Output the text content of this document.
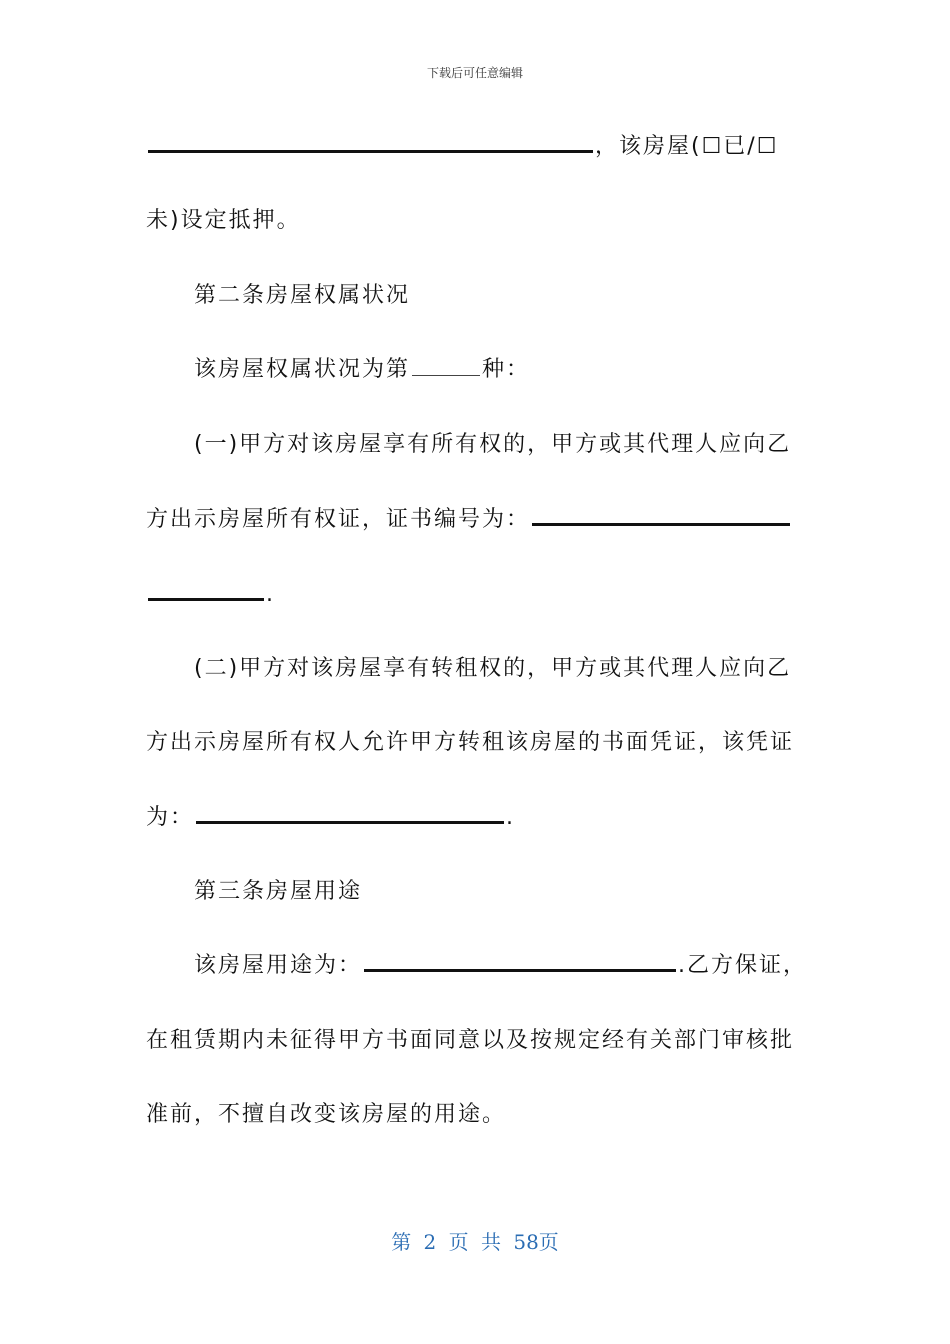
下载后可任意编辑
，该房屋(☐已/☐
未)设定抵押。
第二条房屋权属状况
该房屋权属状况为第	种：
(一)甲方对该房屋享有所有权的，甲方或其代理人应向乙
方出示房屋所有权证，证书编号为：
.
(二)甲方对该房屋享有转租权的，甲方或其代理人应向乙
方出示房屋所有权人允许甲方转租该房屋的书面凭证，该凭证
为：	.
第三条房屋用途
该房屋用途为：	.乙方保证，
在租赁期内未征得甲方书面同意以及按规定经有关部门审核批
准前，不擅自改变该房屋的用途。
第 2 页 共 58页
